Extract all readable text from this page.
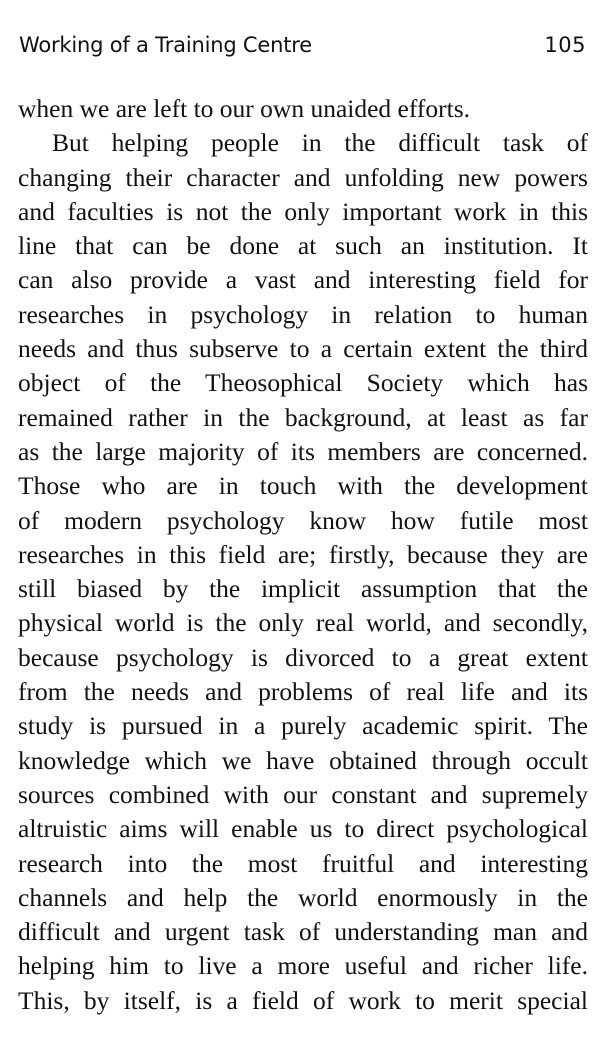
Working of a Training Centre	105
when we are left to our own unaided efforts.
But helping people in the difficult task of
changing their character and unfolding new powers
and faculties is not the only important work in this
line that can be done at such an institution. It
can also provide a vast and interesting field for
researches in psychology in relation to human
needs and thus subserve to a certain extent the third
object of the Theosophical Society which has
remained rather in the background, at least as far
as the large majority of its members are concerned.
Those who are in touch with the development
of modern psychology know how futile most
researches in this field are; firstly, because they are
still biased by the implicit assumption that the
physical world is the only real world, and secondly,
because psychology is divorced to a great extent
from the needs and problems of real life and its
study is pursued in a purely academic spirit. The
knowledge which we have obtained through occult
sources combined with our constant and supremely
altruistic aims will enable us to direct psychological
research into the most fruitful and interesting
channels and help the world enormously in the
difficult and urgent task of understanding man and
helping him to live a more useful and richer life.
This, by itself, is a field of work to merit special
